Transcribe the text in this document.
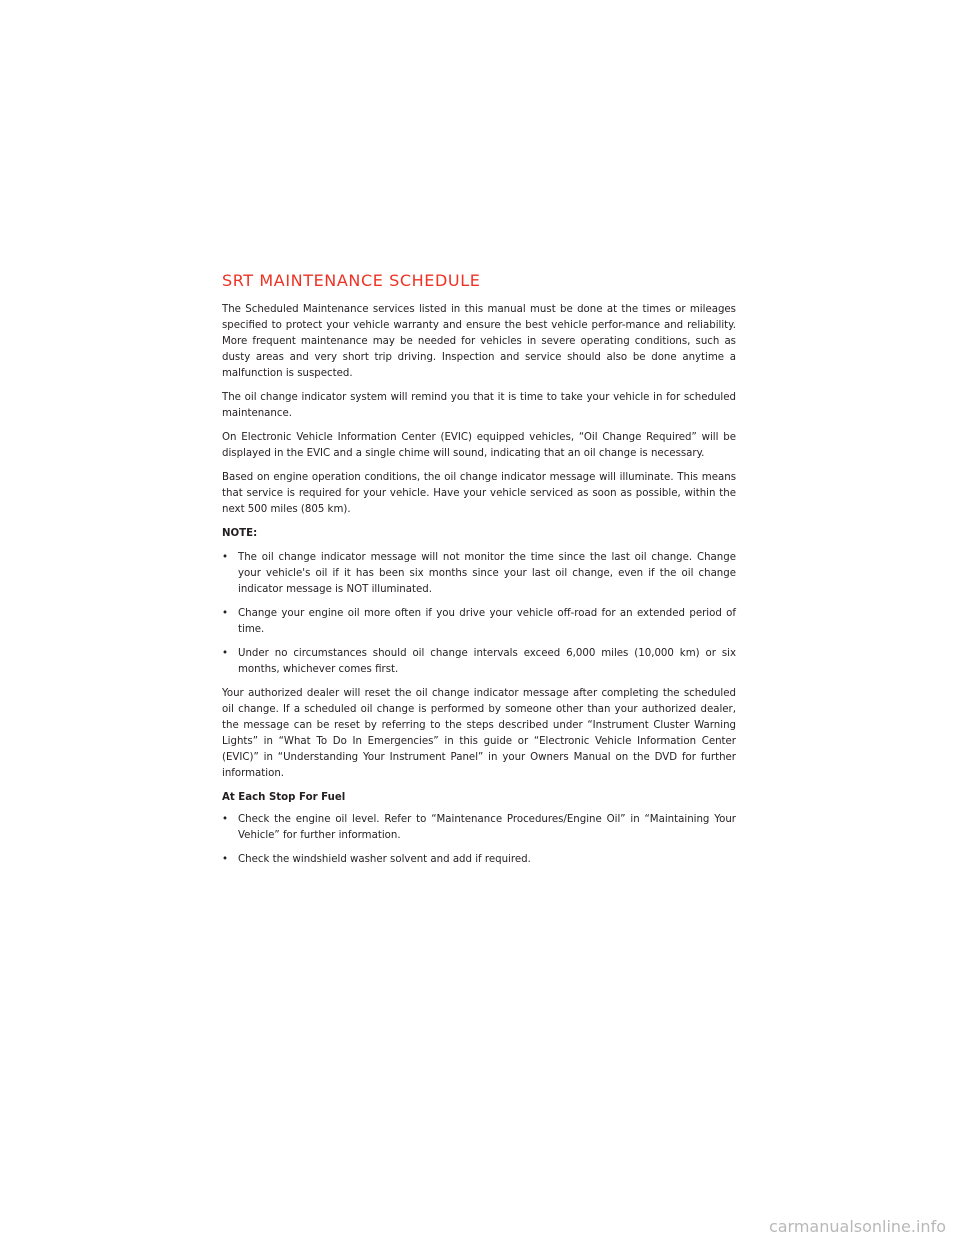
SRT MAINTENANCE SCHEDULE

The Scheduled Maintenance services listed in this manual must be done at the times or mileages specified to protect your vehicle warranty and ensure the best vehicle perfor-mance and reliability. More frequent maintenance may be needed for vehicles in severe operating conditions, such as dusty areas and very short trip driving. Inspection and service should also be done anytime a malfunction is suspected.

The oil change indicator system will remind you that it is time to take your vehicle in for scheduled maintenance.

On Electronic Vehicle Information Center (EVIC) equipped vehicles, “Oil Change Required” will be displayed in the EVIC and a single chime will sound, indicating that an oil change is necessary.

Based on engine operation conditions, the oil change indicator message will illuminate. This means that service is required for your vehicle. Have your vehicle serviced as soon as possible, within the next 500 miles (805 km).

NOTE:

• The oil change indicator message will not monitor the time since the last oil change. Change your vehicle's oil if it has been six months since your last oil change, even if the oil change indicator message is NOT illuminated.
• Change your engine oil more often if you drive your vehicle off-road for an extended period of time.
• Under no circumstances should oil change intervals exceed 6,000 miles (10,000 km) or six months, whichever comes first.

Your authorized dealer will reset the oil change indicator message after completing the scheduled oil change. If a scheduled oil change is performed by someone other than your authorized dealer, the message can be reset by referring to the steps described under “Instrument Cluster Warning Lights” in “What To Do In Emergencies” in this guide or “Electronic Vehicle Information Center (EVIC)” in “Understanding Your Instrument Panel” in your Owners Manual on the DVD for further information.

At Each Stop For Fuel

• Check the engine oil level. Refer to “Maintenance Procedures/Engine Oil” in “Maintaining Your Vehicle” for further information.
• Check the windshield washer solvent and add if required.
carmanualsonline.info
